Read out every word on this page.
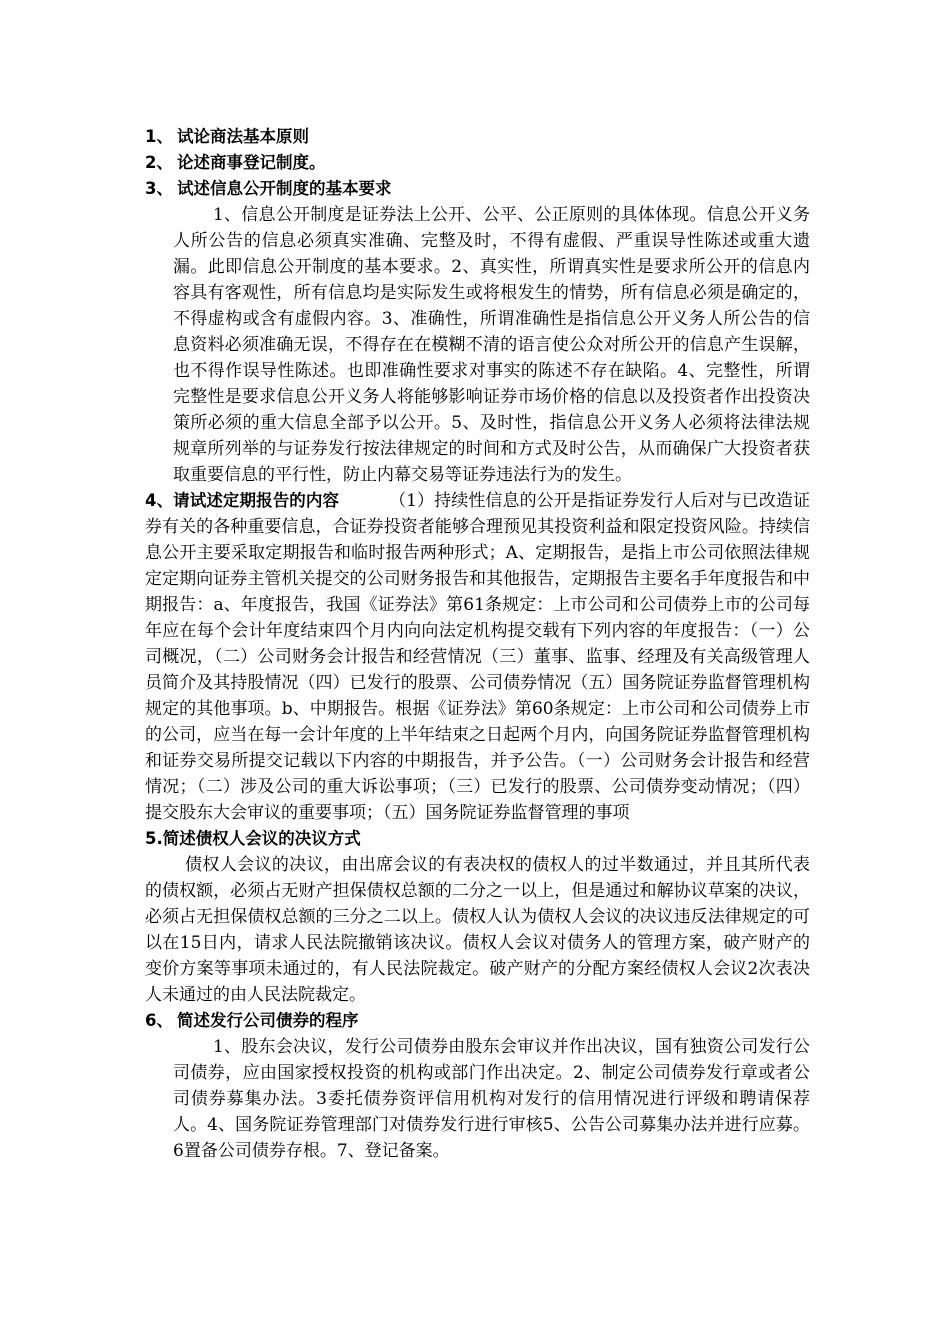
1、 试论商法基本原则

2、 论述商事登记制度。

3、 试述信息公开制度的基本要求

1、信息公开制度是证券法上公开、公平、公正原则的具体体现。信息公开义务人所公告的信息必须真实准确、完整及时，不得有虚假、严重误导性陈述或重大遗漏。此即信息公开制度的基本要求。2、真实性，所谓真实性是要求所公开的信息内容具有客观性，所有信息均是实际发生或将根发生的情势，所有信息必须是确定的，不得虚构或含有虚假内容。3、准确性，所谓准确性是指信息公开义务人所公告的信息资料必须准确无误，不得存在在模糊不清的语言使公众对所公开的信息产生误解，也不得作误导性陈述。也即准确性要求对事实的陈述不存在缺陷。4、完整性，所谓完整性是要求信息公开义务人将能够影响证券市场价格的信息以及投资者作出投资决策所必须的重大信息全部予以公开。5、及时性，指信息公开义务人必须将法律法规规章所列举的与证券发行按法律规定的时间和方式及时公告，从而确保广大投资者获取重要信息的平行性，防止内幕交易等证券违法行为的发生。

4、请试述定期报告的内容	（1）持续性信息的公开是指证券发行人后对与已改造证券有关的各种重要信息，合证券投资者能够合理预见其投资利益和限定投资风险。持续信息公开主要采取定期报告和临时报告两种形式；A、定期报告，是指上市公司依照法律规定定期向证券主管机关提交的公司财务报告和其他报告，定期报告主要名手年度报告和中期报告：a、年度报告，我国《证券法》第61条规定：上市公司和公司债券上市的公司每年应在每个会计年度结束四个月内向向法定机构提交载有下列内容的年度报告：（一）公司概况，（二）公司财务会计报告和经营情况（三）董事、监事、经理及有关高级管理人员简介及其持股情况（四）已发行的股票、公司债券情况（五）国务院证券监督管理机构规定的其他事项。b、中期报告。根据《证券法》第60条规定：上市公司和公司债券上市的公司，应当在每一会计年度的上半年结束之日起两个月内，向国务院证券监督管理机构和证券交易所提交记载以下内容的中期报告，并予公告。（一）公司财务会计报告和经营情况；（二）涉及公司的重大诉讼事项；（三）已发行的股票、公司债券变动情况；（四）提交股东大会审议的重要事项；（五）国务院证券监督管理的事项

5.简述债权人会议的决议方式

债权人会议的决议，由出席会议的有表决权的债权人的过半数通过，并且其所代表的债权额，必须占无财产担保债权总额的二分之一以上，但是通过和解协议草案的决议，必须占无担保债权总额的三分之二以上。债权人认为债权人会议的决议违反法律规定的可以在15日内，请求人民法院撤销该决议。债权人会议对债务人的管理方案，破产财产的变价方案等事项未通过的，有人民法院裁定。破产财产的分配方案经债权人会议2次表决人未通过的由人民法院裁定。

6、 简述发行公司债券的程序

1、股东会决议，发行公司债券由股东会审议并作出决议，国有独资公司发行公司债券，应由国家授权投资的机构或部门作出决定。2、制定公司债券发行章或者公司债券募集办法。3委托债券资评信用机构对发行的信用情况进行评级和聘请保荐人。4、国务院证券管理部门对债券发行进行审核5、公告公司募集办法并进行应募。6置备公司债券存根。7、登记备案。
